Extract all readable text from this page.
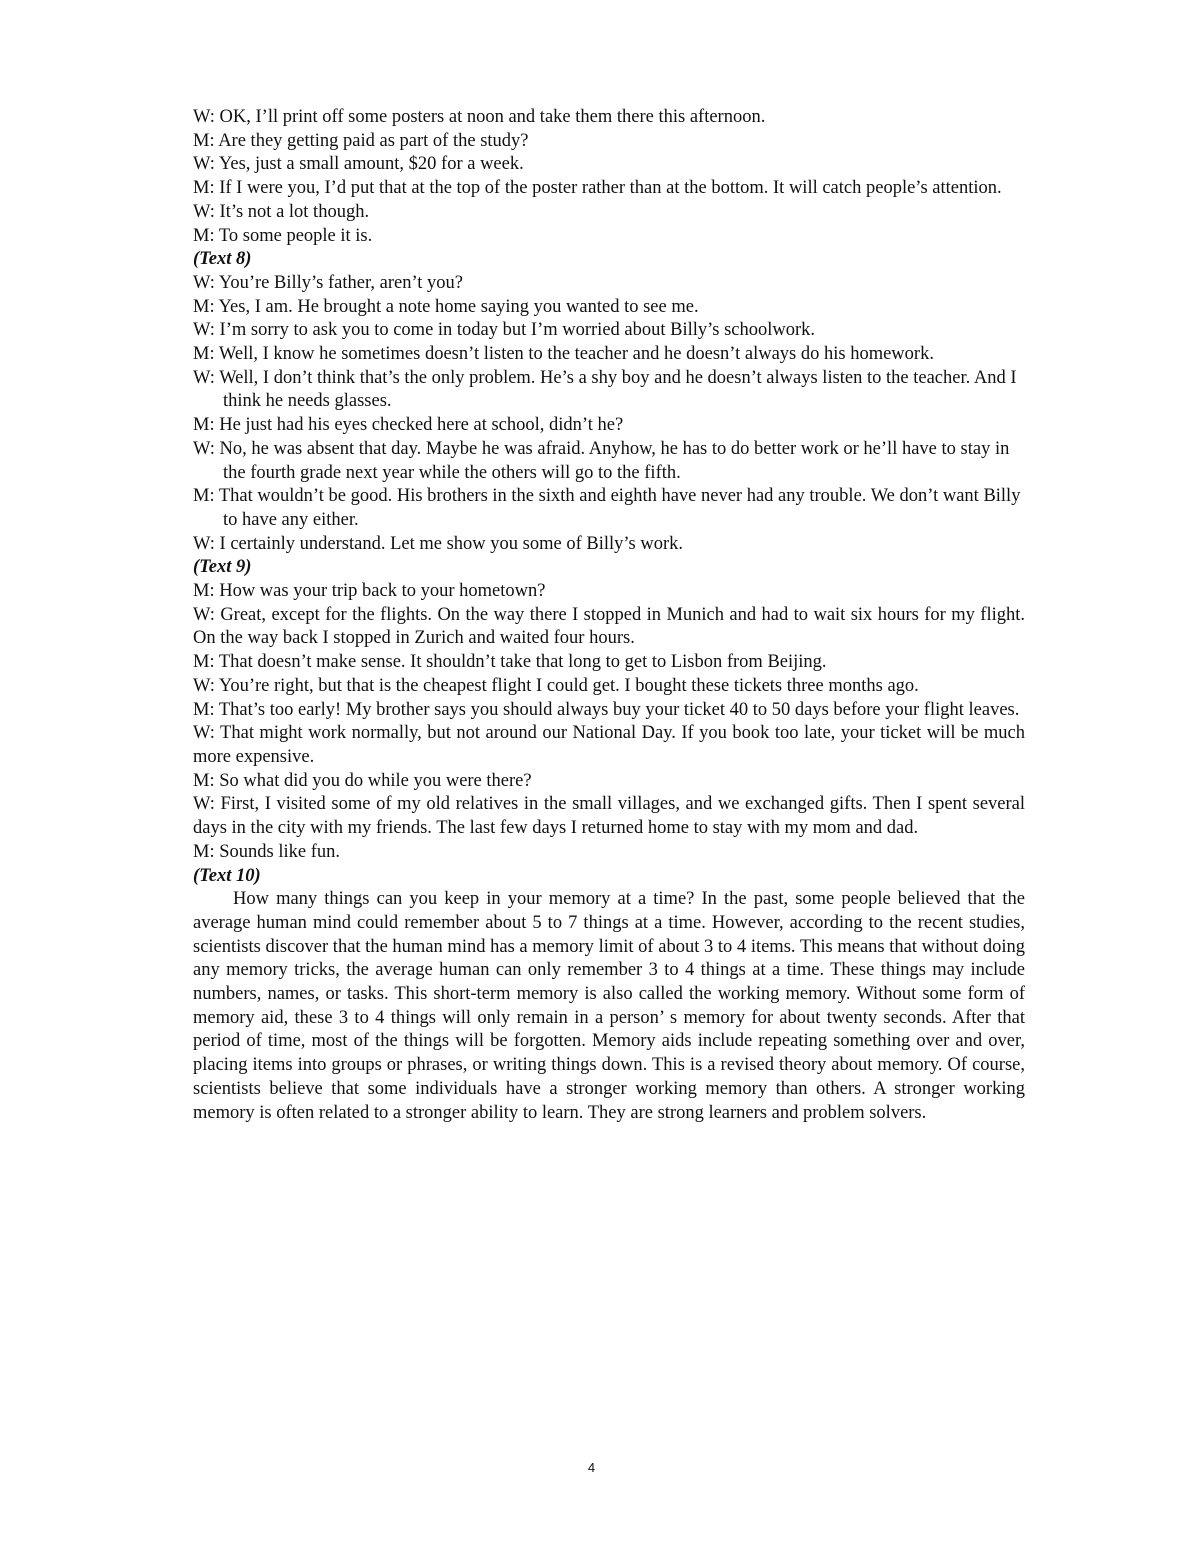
W: OK, I’ll print off some posters at noon and take them there this afternoon.

M: Are they getting paid as part of the study?

W: Yes, just a small amount, $20 for a week.

M: If I were you, I’d put that at the top of the poster rather than at the bottom. It will catch people’s attention.

W: It’s not a lot though.

M: To some people it is.

(Text 8)

W: You’re Billy’s father, aren’t you?

M: Yes, I am. He brought a note home saying you wanted to see me.

W: I’m sorry to ask you to come in today but I’m worried about Billy’s schoolwork.

M: Well, I know he sometimes doesn’t listen to the teacher and he doesn’t always do his homework.

W: Well, I don’t think that’s the only problem. He’s a shy boy and he doesn’t always listen to the teacher. And I think he needs glasses.

M: He just had his eyes checked here at school, didn’t he?

W: No, he was absent that day. Maybe he was afraid. Anyhow, he has to do better work or he’ll have to stay in the fourth grade next year while the others will go to the fifth.

M: That wouldn’t be good. His brothers in the sixth and eighth have never had any trouble. We don’t want Billy to have any either.

W: I certainly understand. Let me show you some of Billy’s work.

(Text 9)

M: How was your trip back to your hometown?

W: Great, except for the flights. On the way there I stopped in Munich and had to wait six hours for my flight. On the way back I stopped in Zurich and waited four hours.

M: That doesn’t make sense. It shouldn’t take that long to get to Lisbon from Beijing.

W: You’re right, but that is the cheapest flight I could get. I bought these tickets three months ago.

M: That’s too early! My brother says you should always buy your ticket 40 to 50 days before your flight leaves.

W: That might work normally, but not around our National Day. If you book too late, your ticket will be much more expensive.

M: So what did you do while you were there?

W: First, I visited some of my old relatives in the small villages, and we exchanged gifts. Then I spent several days in the city with my friends. The last few days I returned home to stay with my mom and dad.

M: Sounds like fun.

(Text 10)

How many things can you keep in your memory at a time? In the past, some people believed that the average human mind could remember about 5 to 7 things at a time. However, according to the recent studies, scientists discover that the human mind has a memory limit of about 3 to 4 items. This means that without doing any memory tricks, the average human can only remember 3 to 4 things at a time. These things may include numbers, names, or tasks. This short-term memory is also called the working memory. Without some form of memory aid, these 3 to 4 things will only remain in a person’ s memory for about twenty seconds. After that period of time, most of the things will be forgotten. Memory aids include repeating something over and over, placing items into groups or phrases, or writing things down. This is a revised theory about memory. Of course, scientists believe that some individuals have a stronger working memory than others. A stronger working memory is often related to a stronger ability to learn. They are strong learners and problem solvers.

4
